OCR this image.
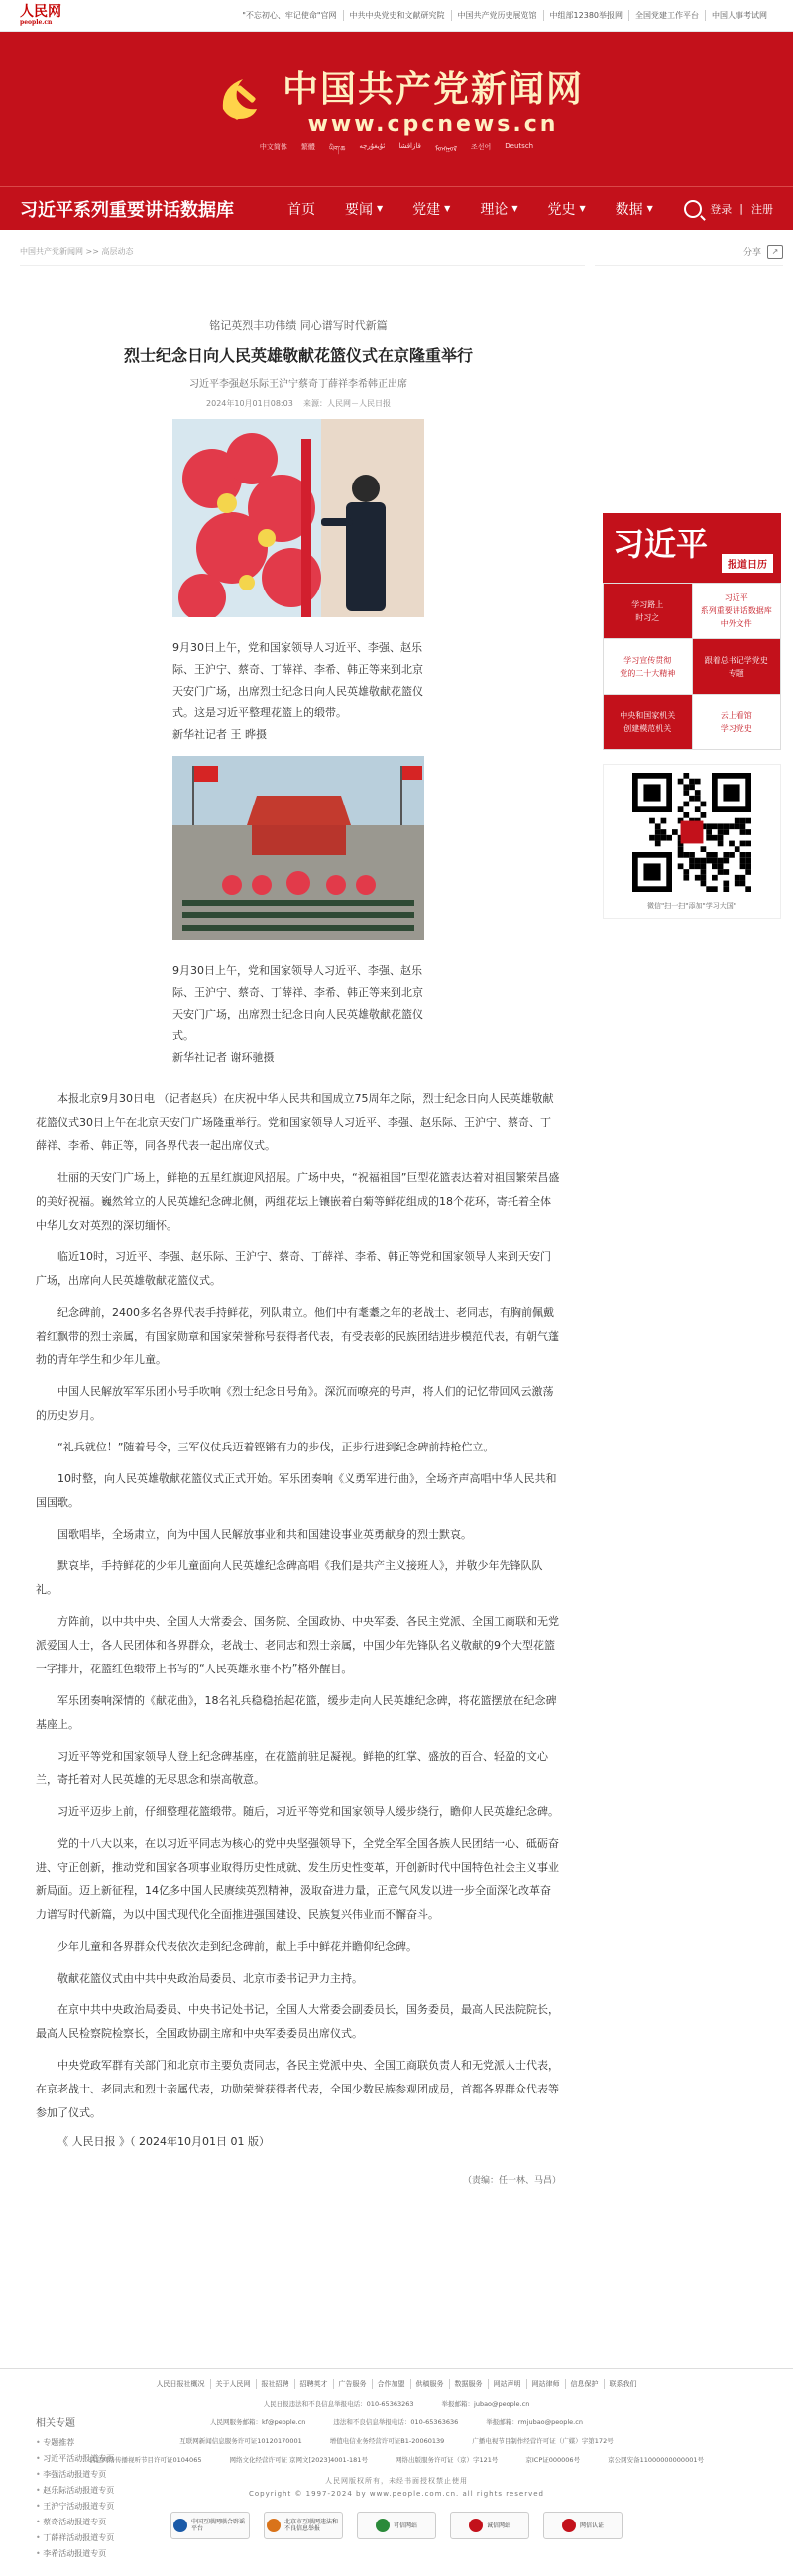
人民网
people.cn
"不忘初心、牢记使命"官网	中共中央党史和文献研究院	中国共产党历史展览馆	中组部12380举报网	全国党建工作平台	中国人事考试网
中国共产党新闻网
www.cpcnews.cn
中文简体 繁體 ཡིག་ཆ ئۇيغۇرچە قازاقشا ᠮᠣᠩᠭᠣᠯ 조선어 Deutsch
习近平系列重要讲话数据库	首页 要闻 ▼ 党建 ▼ 理论 ▼ 党史 ▼ 数据 ▼	登录 | 注册
中国共产党新闻网 >> 高层动态	分享	↗
铭记英烈丰功伟绩 同心谱写时代新篇
烈士纪念日向人民英雄敬献花篮仪式在京隆重举行
习近平李强赵乐际王沪宁蔡奇丁薛祥李希韩正出席
2024年10月01日08:03 来源：人民网－人民日报
9月30日上午，党和国家领导人习近平、李强、赵乐际、王沪宁、蔡奇、丁薛祥、李希、韩正等来到北京天安门广场，出席烈士纪念日向人民英雄敬献花篮仪式。这是习近平整理花篮上的缎带。
新华社记者 王 晔摄
9月30日上午，党和国家领导人习近平、李强、赵乐际、王沪宁、蔡奇、丁薛祥、李希、韩正等来到北京天安门广场，出席烈士纪念日向人民英雄敬献花篮仪式。
新华社记者 谢环驰摄

本报北京9月30日电 （记者赵兵）在庆祝中华人民共和国成立75周年之际，烈士纪念日向人民英雄敬献花篮仪式30日上午在北京天安门广场隆重举行。党和国家领导人习近平、李强、赵乐际、王沪宁、蔡奇、丁薛祥、李希、韩正等，同各界代表一起出席仪式。

壮丽的天安门广场上，鲜艳的五星红旗迎风招展。广场中央，“祝福祖国”巨型花篮表达着对祖国繁荣昌盛的美好祝福。巍然耸立的人民英雄纪念碑北侧，两组花坛上镶嵌着白菊等鲜花组成的18个花环，寄托着全体中华儿女对英烈的深切缅怀。

临近10时，习近平、李强、赵乐际、王沪宁、蔡奇、丁薛祥、李希、韩正等党和国家领导人来到天安门广场，出席向人民英雄敬献花篮仪式。

纪念碑前，2400多名各界代表手持鲜花，列队肃立。他们中有耄耋之年的老战士、老同志，有胸前佩戴着红飘带的烈士亲属，有国家勋章和国家荣誉称号获得者代表，有受表彰的民族团结进步模范代表，有朝气蓬勃的青年学生和少年儿童。

中国人民解放军军乐团小号手吹响《烈士纪念日号角》。深沉而嘹亮的号声，将人们的记忆带回风云激荡的历史岁月。

“礼兵就位！”随着号令，三军仪仗兵迈着铿锵有力的步伐，正步行进到纪念碑前持枪伫立。

10时整，向人民英雄敬献花篮仪式正式开始。军乐团奏响《义勇军进行曲》，全场齐声高唱中华人民共和国国歌。

国歌唱毕，全场肃立，向为中国人民解放事业和共和国建设事业英勇献身的烈士默哀。

默哀毕，手持鲜花的少年儿童面向人民英雄纪念碑高唱《我们是共产主义接班人》，并敬少年先锋队队礼。

方阵前，以中共中央、全国人大常委会、国务院、全国政协、中央军委、各民主党派、全国工商联和无党派爱国人士，各人民团体和各界群众，老战士、老同志和烈士亲属，中国少年先锋队名义敬献的9个大型花篮一字排开，花篮红色缎带上书写的“人民英雄永垂不朽”格外醒目。

军乐团奏响深情的《献花曲》，18名礼兵稳稳抬起花篮，缓步走向人民英雄纪念碑，将花篮摆放在纪念碑基座上。

习近平等党和国家领导人登上纪念碑基座，在花篮前驻足凝视。鲜艳的红掌、盛放的百合、轻盈的文心兰，寄托着对人民英雄的无尽思念和崇高敬意。

习近平迈步上前，仔细整理花篮缎带。随后，习近平等党和国家领导人缓步绕行，瞻仰人民英雄纪念碑。

党的十八大以来，在以习近平同志为核心的党中央坚强领导下，全党全军全国各族人民团结一心、砥砺奋进、守正创新，推动党和国家各项事业取得历史性成就、发生历史性变革，开创新时代中国特色社会主义事业新局面。迈上新征程，14亿多中国人民赓续英烈精神，汲取奋进力量，正意气风发以进一步全面深化改革奋力谱写时代新篇，为以中国式现代化全面推进强国建设、民族复兴伟业而不懈奋斗。

少年儿童和各界群众代表依次走到纪念碑前，献上手中鲜花并瞻仰纪念碑。

敬献花篮仪式由中共中央政治局委员、北京市委书记尹力主持。

在京中共中央政治局委员、中央书记处书记，全国人大常委会副委员长，国务委员，最高人民法院院长，最高人民检察院检察长，全国政协副主席和中央军委委员出席仪式。

中央党政军群有关部门和北京市主要负责同志，各民主党派中央、全国工商联负责人和无党派人士代表，在京老战士、老同志和烈士亲属代表，功勋荣誉获得者代表，全国少数民族参观团成员，首都各界群众代表等参加了仪式。

《 人民日报 》（ 2024年10月01日 01 版）
（责编：任一林、马昌）
相关专题
• 专题推荐
• 习近平活动报道专页
• 李强活动报道专页
• 赵乐际活动报道专页
• 王沪宁活动报道专页
• 蔡奇活动报道专页
• 丁薛祥活动报道专页
• 李希活动报道专页
习近平
报道日历
学习路上
时习之
习近平
系列重要讲话数据库
中外文件
学习宣传贯彻
党的二十大精神
跟着总书记学党史
专题
中央和国家机关
创建模范机关
云上看馆
学习党史
微信"扫一扫"添加"学习大国"
人民日报社概况	关于人民网	报社招聘	招聘英才	广告服务	合作加盟	供稿服务	数据服务	网站声明	网站律师	信息保护	联系我们
人民日报违法和不良信息举报电话：010-65363263	举报邮箱：jubao@people.cn
人民网服务邮箱：kf@people.cn	违法和不良信息举报电话：010-65363636	举报邮箱：rmjubao@people.cn
互联网新闻信息服务许可证10120170001	增值电信业务经营许可证B1-20060139	广播电视节目制作经营许可证（广媒）字第172号
信息网络传播视听节目许可证0104065	网络文化经营许可证 京网文[2023]4001-181号	网络出版服务许可证（京）字121号	京ICP证000006号	京公网安备11000000000001号
人民网版权所有，未经书面授权禁止使用
Copyright © 1997-2024 by www.people.com.cn. all rights reserved
中国互联网联合辟谣平台
北京市互联网违法和不良信息举报	可信网站	诚信网站	网信认证
